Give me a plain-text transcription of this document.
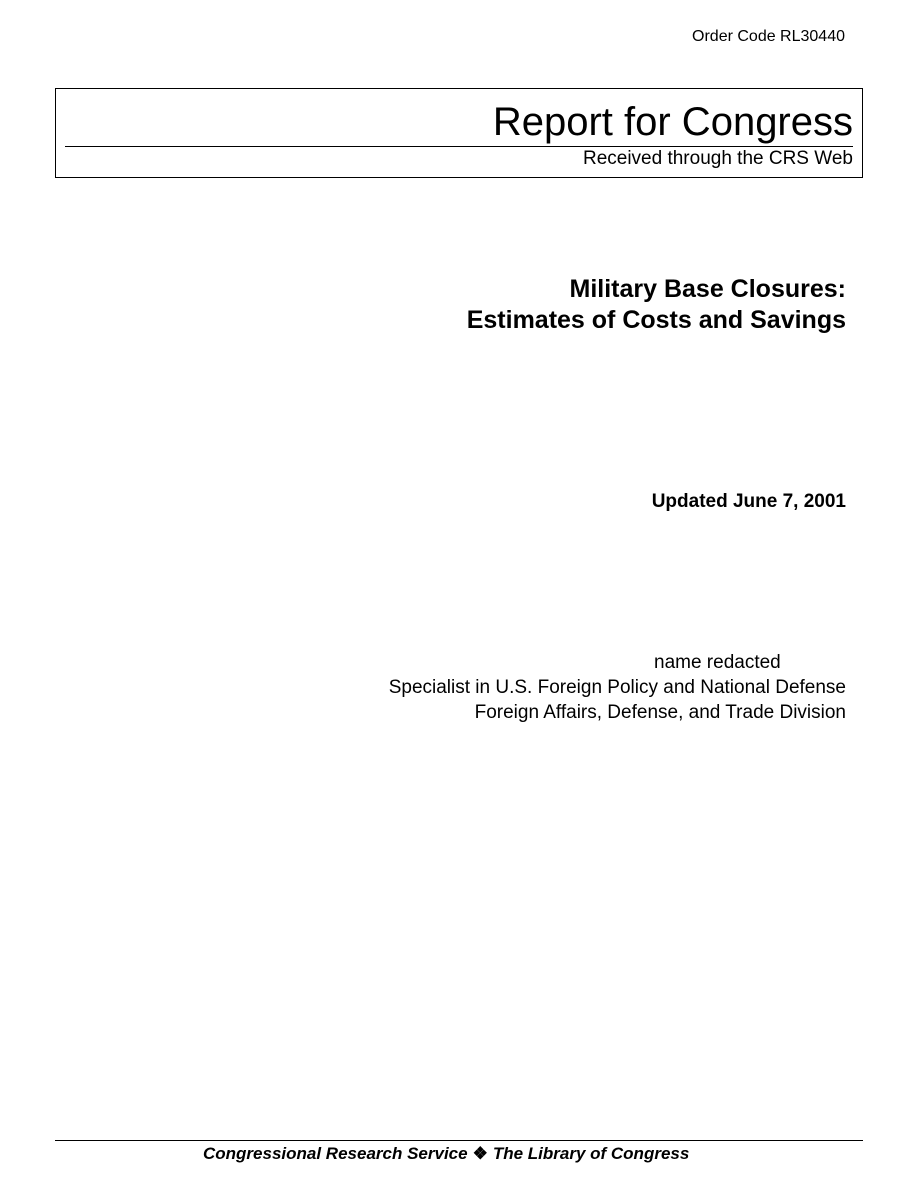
Order Code RL30440
Report for Congress
Received through the CRS Web
Military Base Closures:
Estimates of Costs and Savings
Updated June 7, 2001
name redacted
Specialist in U.S. Foreign Policy and National Defense
Foreign Affairs, Defense, and Trade Division
Congressional Research Service ❖ The Library of Congress
